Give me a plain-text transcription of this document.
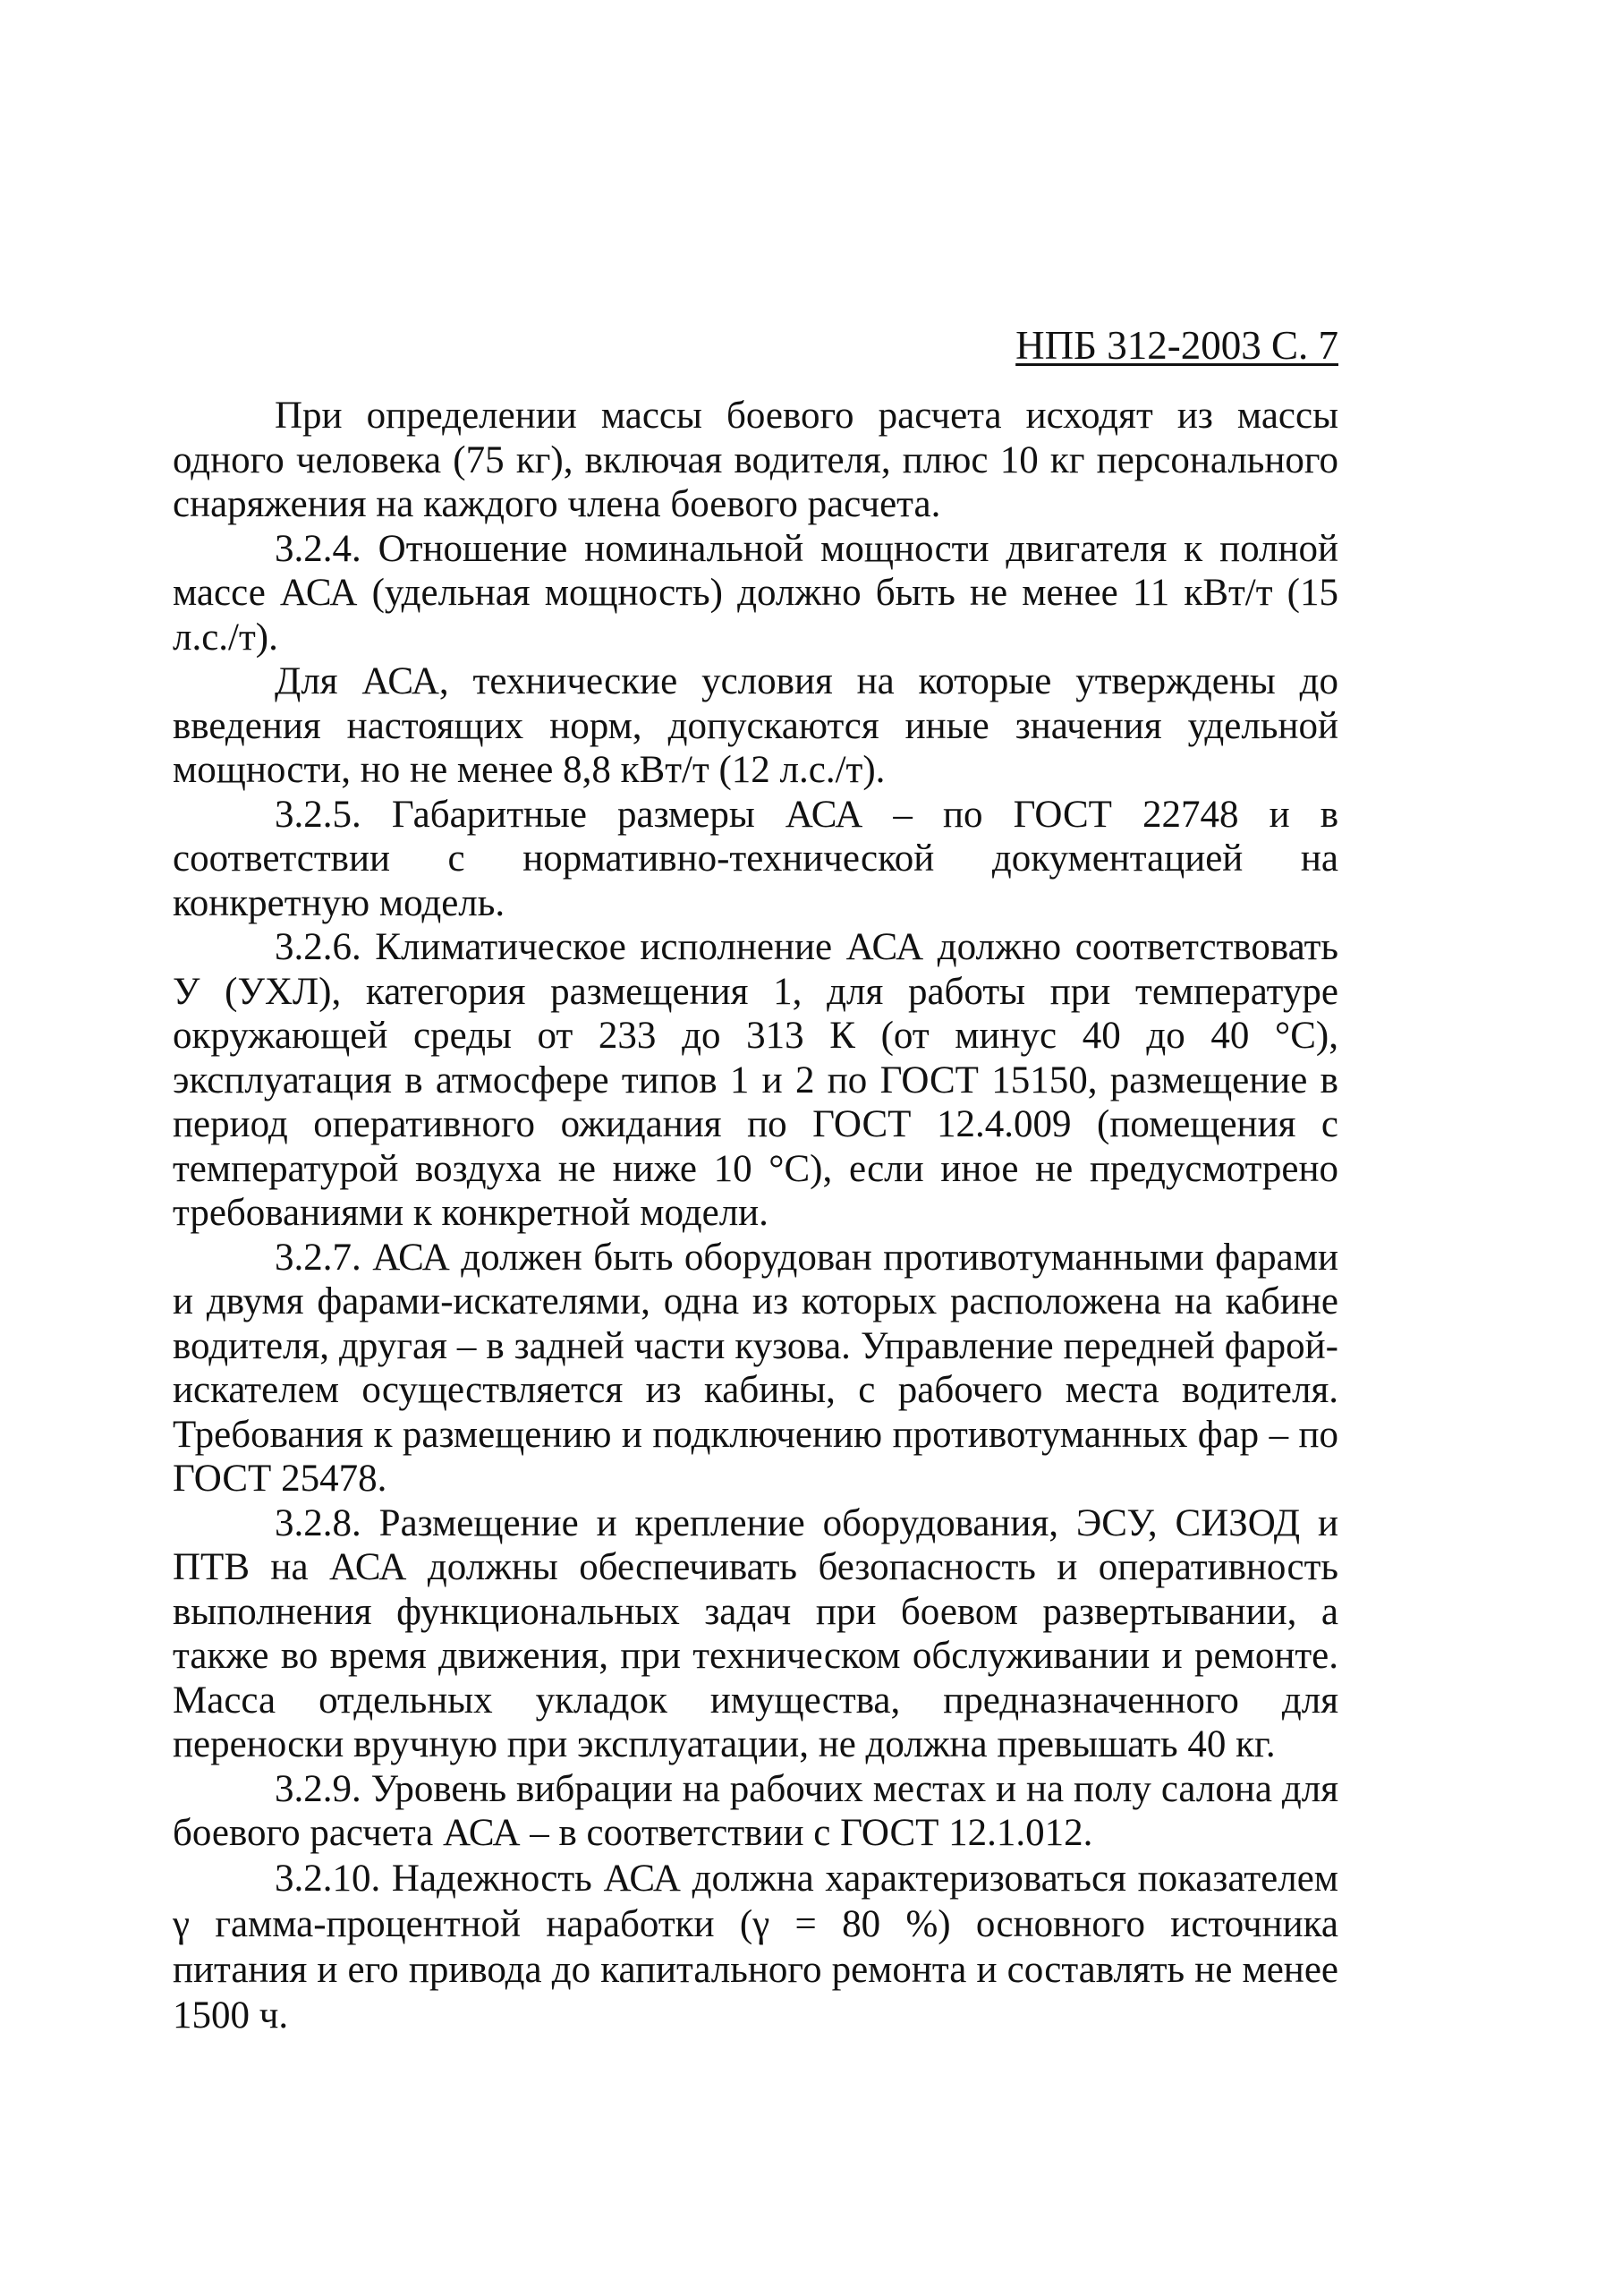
НПБ 312-2003 С. 7

При определении массы боевого расчета исходят из массы одного человека (75 кг), включая водителя, плюс 10 кг персонального снаряжения на каждого члена боевого расчета.

3.2.4. Отношение номинальной мощности двигателя к полной массе АСА (удельная мощность) должно быть не менее 11 кВт/т (15 л.с./т).

Для АСА, технические условия на которые утверждены до введения настоящих норм, допускаются иные значения удельной мощности, но не менее 8,8 кВт/т (12 л.с./т).

3.2.5. Габаритные размеры АСА – по ГОСТ 22748 и в соответствии с нормативно-технической документацией на конкретную модель.

3.2.6. Климатическое исполнение АСА должно соответствовать У (УХЛ), категория размещения 1, для работы при температуре окружающей среды от 233 до 313 К (от минус 40 до 40 °С), эксплуатация в атмосфере типов 1 и 2 по ГОСТ 15150, размещение в период оперативного ожидания по ГОСТ 12.4.009 (помещения с температурой воздуха не ниже 10 °С), если иное не предусмотрено требованиями к конкретной модели.

3.2.7. АСА должен быть оборудован противотуманными фарами и двумя фарами-искателями, одна из которых расположена на кабине водителя, другая – в задней части кузова. Управление передней фарой-искателем осуществляется из кабины, с рабочего места водителя. Требования к размещению и подключению противотуманных фар – по ГОСТ 25478.

3.2.8. Размещение и крепление оборудования, ЭСУ, СИЗОД и ПТВ на АСА должны обеспечивать безопасность и оперативность выполнения функциональных задач при боевом развертывании, а также во время движения, при техническом обслуживании и ремонте. Масса отдельных укладок имущества, предназначенного для переноски вручную при эксплуатации, не должна превышать 40 кг.

3.2.9. Уровень вибрации на рабочих местах и на полу салона для боевого расчета АСА – в соответствии с ГОСТ 12.1.012.

3.2.10. Надежность АСА должна характеризоваться показателем γ гамма-процентной наработки (γ = 80 %) основного источника питания и его привода до капитального ремонта и составлять не менее 1500 ч.
